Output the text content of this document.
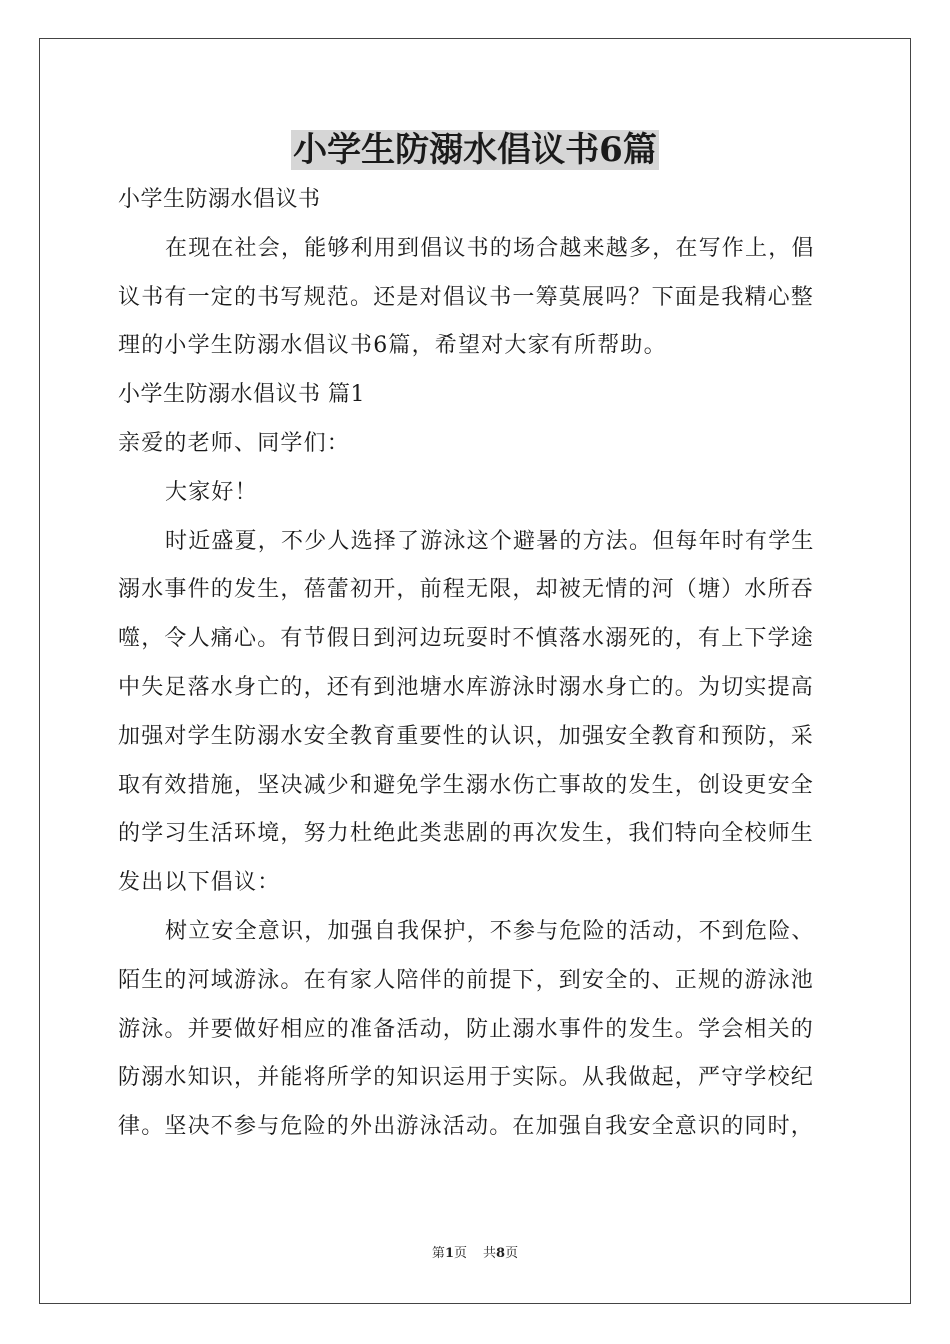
小学生防溺水倡议书6篇

小学生防溺水倡议书

在现在社会，能够利用到倡议书的场合越来越多，在写作上，倡

议书有一定的书写规范。还是对倡议书一筹莫展吗？下面是我精心整

理的小学生防溺水倡议书6篇，希望对大家有所帮助。

小学生防溺水倡议书 篇1

亲爱的老师、同学们：

大家好！

时近盛夏，不少人选择了游泳这个避暑的方法。但每年时有学生

溺水事件的发生，蓓蕾初开，前程无限，却被无情的河（塘）水所吞

噬，令人痛心。有节假日到河边玩耍时不慎落水溺死的，有上下学途

中失足落水身亡的，还有到池塘水库游泳时溺水身亡的。为切实提高

加强对学生防溺水安全教育重要性的认识，加强安全教育和预防，采

取有效措施，坚决减少和避免学生溺水伤亡事故的发生，创设更安全

的学习生活环境，努力杜绝此类悲剧的再次发生，我们特向全校师生

发出以下倡议：

树立安全意识，加强自我保护，不参与危险的活动，不到危险、

陌生的河域游泳。在有家人陪伴的前提下，到安全的、正规的游泳池

游泳。并要做好相应的准备活动，防止溺水事件的发生。学会相关的

防溺水知识，并能将所学的知识运用于实际。从我做起，严守学校纪

律。坚决不参与危险的外出游泳活动。在加强自我安全意识的同时，

第1页 共8页
